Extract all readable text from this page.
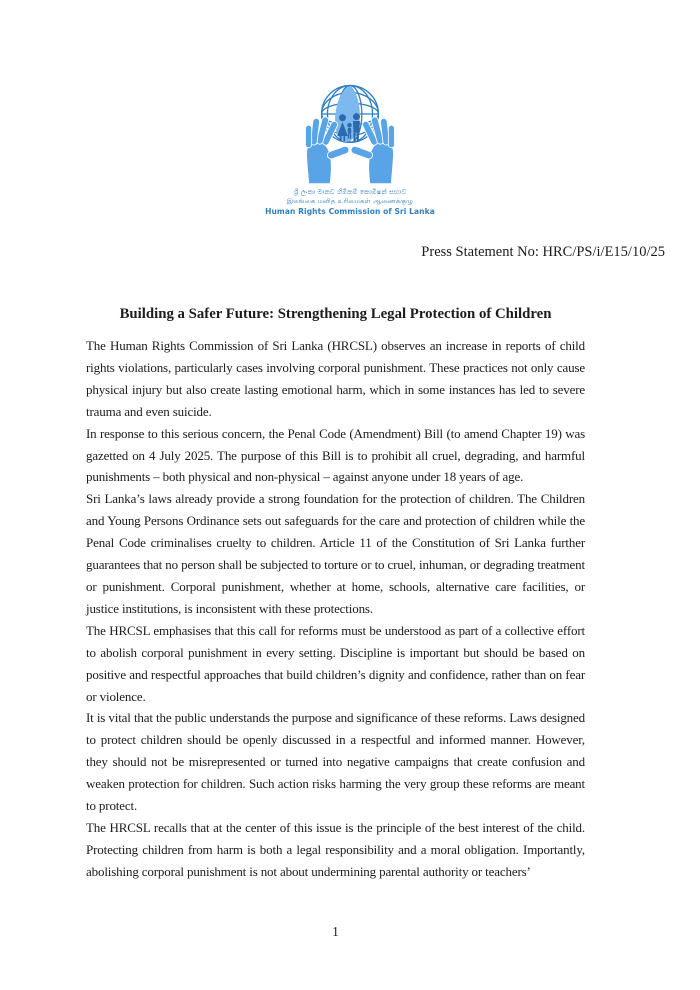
ශ්‍රී ලංකා මානව හිමිකම් කොමිෂන් සභාව
இலங்கை மனித உரிமைகள் ஆணைக்குழு
Human Rights Commission of Sri Lanka
Press Statement No: HRC/PS/i/E15/10/25
Building a Safer Future: Strengthening Legal Protection of Children

The Human Rights Commission of Sri Lanka (HRCSL) observes an increase in reports of child rights violations, particularly cases involving corporal punishment. These practices not only cause physical injury but also create lasting emotional harm, which in some instances has led to severe trauma and even suicide.

In response to this serious concern, the Penal Code (Amendment) Bill (to amend Chapter 19) was gazetted on 4 July 2025. The purpose of this Bill is to prohibit all cruel, degrading, and harmful punishments – both physical and non-physical – against anyone under 18 years of age.

Sri Lanka’s laws already provide a strong foundation for the protection of children. The Children and Young Persons Ordinance sets out safeguards for the care and protection of children while the Penal Code criminalises cruelty to children. Article 11 of the Constitution of Sri Lanka further guarantees that no person shall be subjected to torture or to cruel, inhuman, or degrading treatment or punishment. Corporal punishment, whether at home, schools, alternative care facilities, or justice institutions, is inconsistent with these protections.

The HRCSL emphasises that this call for reforms must be understood as part of a collective effort to abolish corporal punishment in every setting. Discipline is important but should be based on positive and respectful approaches that build children’s dignity and confidence, rather than on fear or violence.

It is vital that the public understands the purpose and significance of these reforms. Laws designed to protect children should be openly discussed in a respectful and informed manner. However, they should not be misrepresented or turned into negative campaigns that create confusion and weaken protection for children. Such action risks harming the very group these reforms are meant to protect.

The HRCSL recalls that at the center of this issue is the principle of the best interest of the child. Protecting children from harm is both a legal responsibility and a moral obligation. Importantly, abolishing corporal punishment is not about undermining parental authority or teachers’

1
